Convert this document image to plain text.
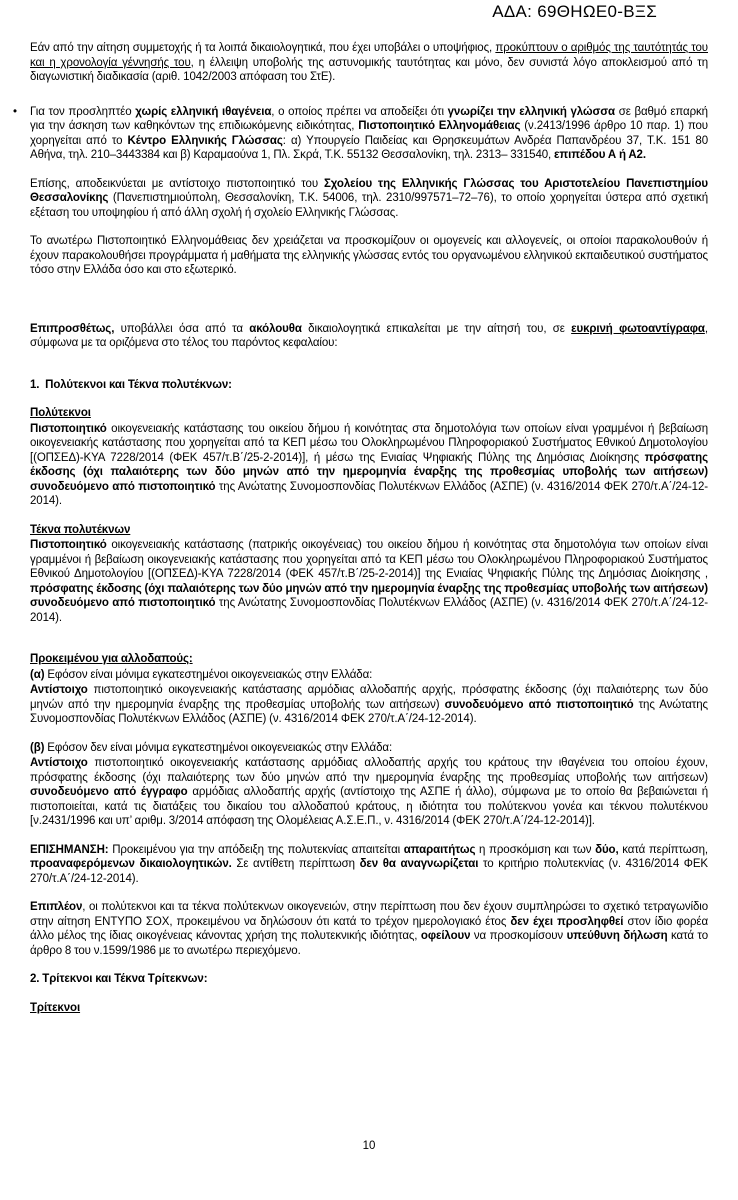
ΑΔΑ: 69ΘΗΩΕ0-ΒΞΣ
Εάν από την αίτηση συμμετοχής ή τα λοιπά δικαιολογητικά, που έχει υποβάλει ο υποψήφιος, προκύπτουν ο αριθμός της ταυτότητάς του και η χρονολογία γέννησής του, η έλλειψη υποβολής της αστυνομικής ταυτότητας και μόνο, δεν συνιστά λόγο αποκλεισμού από τη διαγωνιστική διαδικασία (αριθ. 1042/2003 απόφαση του ΣτΕ).
• Για τον προσληπτέο χωρίς ελληνική ιθαγένεια, ο οποίος πρέπει να αποδείξει ότι γνωρίζει την ελληνική γλώσσα σε βαθμό επαρκή για την άσκηση των καθηκόντων της επιδιωκόμενης ειδικότητας, Πιστοποιητικό Ελληνομάθειας (ν.2413/1996 άρθρο 10 παρ. 1) που χορηγείται από το Κέντρο Ελληνικής Γλώσσας: α) Υπουργείο Παιδείας και Θρησκευμάτων Ανδρέα Παπανδρέου 37, Τ.Κ. 151 80 Αθήνα, τηλ. 210–3443384 και β) Καραμαούνα 1, Πλ. Σκρά, Τ.Κ. 55132 Θεσσαλονίκη, τηλ. 2313– 331540, επιπέδου Α ή Α2.
Επίσης, αποδεικνύεται με αντίστοιχο πιστοποιητικό του Σχολείου της Ελληνικής Γλώσσας του Αριστοτελείου Πανεπιστημίου Θεσσαλονίκης (Πανεπιστημιούπολη, Θεσσαλονίκη, Τ.Κ. 54006, τηλ. 2310/997571–72–76), το οποίο χορηγείται ύστερα από σχετική εξέταση του υποψηφίου ή από άλλη σχολή ή σχολείο Ελληνικής Γλώσσας.
Το ανωτέρω Πιστοποιητικό Ελληνομάθειας δεν χρειάζεται να προσκομίζουν οι ομογενείς και αλλογενείς, οι οποίοι παρακολουθούν ή έχουν παρακολουθήσει προγράμματα ή μαθήματα της ελληνικής γλώσσας εντός του οργανωμένου ελληνικού εκπαιδευτικού συστήματος τόσο στην Ελλάδα όσο και στο εξωτερικό.
Επιπροσθέτως, υποβάλλει όσα από τα ακόλουθα δικαιολογητικά επικαλείται με την αίτησή του, σε ευκρινή φωτοαντίγραφα, σύμφωνα με τα οριζόμενα στο τέλος του παρόντος κεφαλαίου:
1.  Πολύτεκνοι και Τέκνα πολυτέκνων:
Πολύτεκνοι
Πιστοποιητικό οικογενειακής κατάστασης του οικείου δήμου ή κοινότητας στα δημοτολόγια των οποίων είναι γραμμένοι ή βεβαίωση οικογενειακής κατάστασης που χορηγείται από τα ΚΕΠ μέσω του Ολοκληρωμένου Πληροφοριακού Συστήματος Εθνικού Δημοτολογίου [(ΟΠΣΕΔ)-ΚΥΑ 7228/2014 (ΦΕΚ 457/τ.Β΄/25-2-2014)], ή μέσω της Ενιαίας Ψηφιακής Πύλης της Δημόσιας Διοίκησης πρόσφατης έκδοσης (όχι παλαιότερης των δύο μηνών από την ημερομηνία έναρξης της προθεσμίας υποβολής των αιτήσεων) συνοδευόμενο από πιστοποιητικό της Ανώτατης Συνομοσπονδίας Πολυτέκνων Ελλάδος (ΑΣΠΕ) (ν. 4316/2014 ΦΕΚ 270/τ.Α΄/24-12-2014).
Τέκνα πολυτέκνων
Πιστοποιητικό οικογενειακής κατάστασης (πατρικής οικογένειας) του οικείου δήμου ή κοινότητας στα δημοτολόγια των οποίων είναι γραμμένοι ή βεβαίωση οικογενειακής κατάστασης που χορηγείται από τα ΚΕΠ μέσω του Ολοκληρωμένου Πληροφοριακού Συστήματος Εθνικού Δημοτολογίου [(ΟΠΣΕΔ)-ΚΥΑ 7228/2014 (ΦΕΚ 457/τ.Β΄/25-2-2014)] της Ενιαίας Ψηφιακής Πύλης της Δημόσιας Διοίκησης , πρόσφατης έκδοσης (όχι παλαιότερης των δύο μηνών από την ημερομηνία έναρξης της προθεσμίας υποβολής των αιτήσεων) συνοδευόμενο από πιστοποιητικό της Ανώτατης Συνομοσπονδίας Πολυτέκνων Ελλάδος (ΑΣΠΕ) (ν. 4316/2014 ΦΕΚ 270/τ.Α΄/24-12-2014).
Προκειμένου για αλλοδαπούς:
(α) Εφόσον είναι μόνιμα εγκατεστημένοι οικογενειακώς στην Ελλάδα:
Αντίστοιχο πιστοποιητικό οικογενειακής κατάστασης αρμόδιας αλλοδαπής αρχής, πρόσφατης έκδοσης (όχι παλαιότερης των δύο μηνών από την ημερομηνία έναρξης της προθεσμίας υποβολής των αιτήσεων) συνοδευόμενο από πιστοποιητικό της Ανώτατης Συνομοσπονδίας Πολυτέκνων Ελλάδος (ΑΣΠΕ) (ν. 4316/2014 ΦΕΚ 270/τ.Α΄/24-12-2014).
(β) Εφόσον δεν είναι μόνιμα εγκατεστημένοι οικογενειακώς στην Ελλάδα:
Αντίστοιχο πιστοποιητικό οικογενειακής κατάστασης αρμόδιας αλλοδαπής αρχής του κράτους την ιθαγένεια του οποίου έχουν, πρόσφατης έκδοσης (όχι παλαιότερης των δύο μηνών από την ημερομηνία έναρξης της προθεσμίας υποβολής των αιτήσεων) συνοδευόμενο από έγγραφο αρμόδιας αλλοδαπής αρχής (αντίστοιχο της ΑΣΠΕ ή άλλο), σύμφωνα με το οποίο θα βεβαιώνεται ή πιστοποιείται, κατά τις διατάξεις του δικαίου του αλλοδαπού κράτους, η ιδιότητα του πολύτεκνου γονέα και τέκνου πολυτέκνου [ν.2431/1996 και υπ’ αριθμ. 3/2014 απόφαση της Ολομέλειας Α.Σ.Ε.Π., ν. 4316/2014 (ΦΕΚ 270/τ.Α΄/24-12-2014)].
ΕΠΙΣΗΜΑΝΣΗ: Προκειμένου για την απόδειξη της πολυτεκνίας απαιτείται απαραιτήτως η προσκόμιση και των δύο, κατά περίπτωση, προαναφερόμενων δικαιολογητικών. Σε αντίθετη περίπτωση δεν θα αναγνωρίζεται το κριτήριο πολυτεκνίας (ν. 4316/2014 ΦΕΚ 270/τ.Α΄/24-12-2014).
Επιπλέον, οι πολύτεκνοι και τα τέκνα πολύτεκνων οικογενειών, στην περίπτωση που δεν έχουν συμπληρώσει το σχετικό τετραγωνίδιο στην αίτηση ΕΝΤΥΠΟ ΣΟΧ, προκειμένου να δηλώσουν ότι κατά το τρέχον ημερολογιακό έτος δεν έχει προσληφθεί στον ίδιο φορέα άλλο μέλος της ίδιας οικογένειας κάνοντας χρήση της πολυτεκνικής ιδιότητας, οφείλουν να προσκομίσουν υπεύθυνη δήλωση κατά το άρθρο 8 του ν.1599/1986 με το ανωτέρω περιεχόμενο.
2. Τρίτεκνοι και Τέκνα Τρίτεκνων:
Τρίτεκνοι
10
